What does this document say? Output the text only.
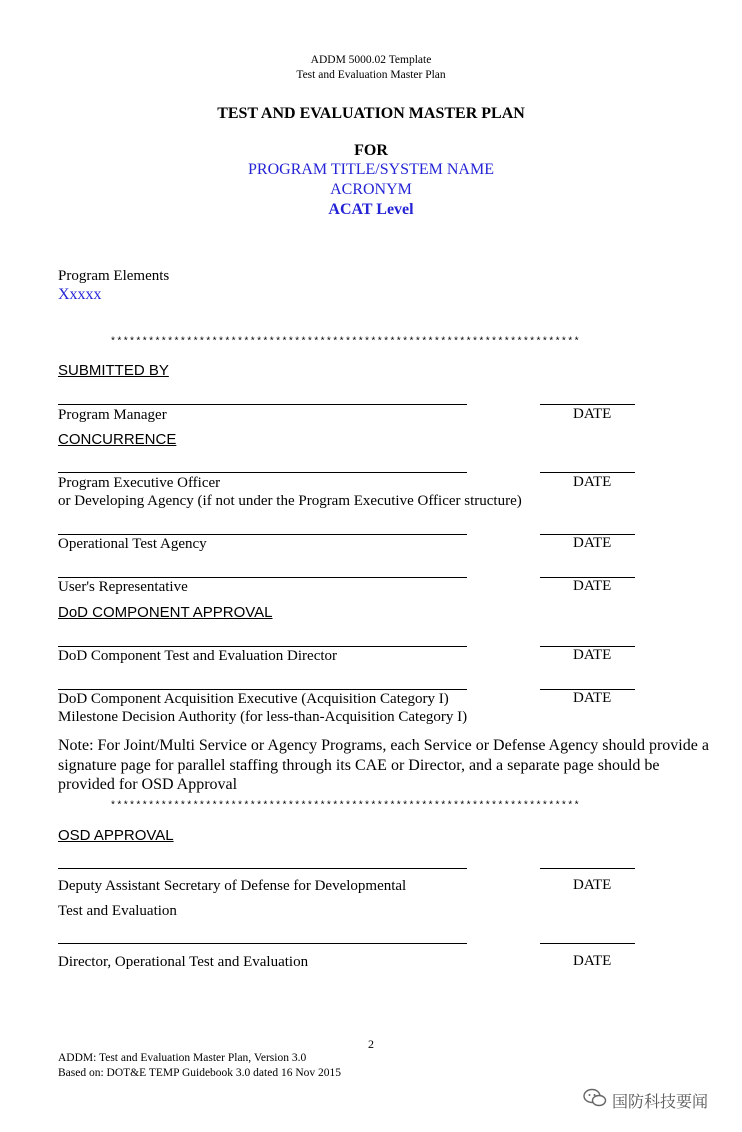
ADDM 5000.02 Template
Test and Evaluation Master Plan
TEST AND EVALUATION MASTER PLAN
FOR
PROGRAM TITLE/SYSTEM NAME
ACRONYM
ACAT Level
Program Elements
Xxxxx
**************************************************************************
SUBMITTED BY
Program Manager	DATE
CONCURRENCE
Program Executive Officer	DATE
or Developing Agency (if not under the Program Executive Officer structure)
Operational Test Agency	DATE
User's Representative	DATE
DoD COMPONENT APPROVAL
DoD Component Test and Evaluation Director	DATE
DoD Component Acquisition Executive (Acquisition Category I)	DATE
Milestone Decision Authority (for less-than-Acquisition Category I)
Note: For Joint/Multi Service or Agency Programs, each Service or Defense Agency should provide a signature page for parallel staffing through its CAE or Director, and a separate page should be provided for OSD Approval
**************************************************************************
OSD APPROVAL
Deputy Assistant Secretary of Defense for Developmental	DATE
Test and Evaluation
Director, Operational Test and Evaluation	DATE
2
ADDM: Test and Evaluation Master Plan, Version 3.0
Based on: DOT&E TEMP Guidebook 3.0 dated 16 Nov 2015
国防科技要闻
